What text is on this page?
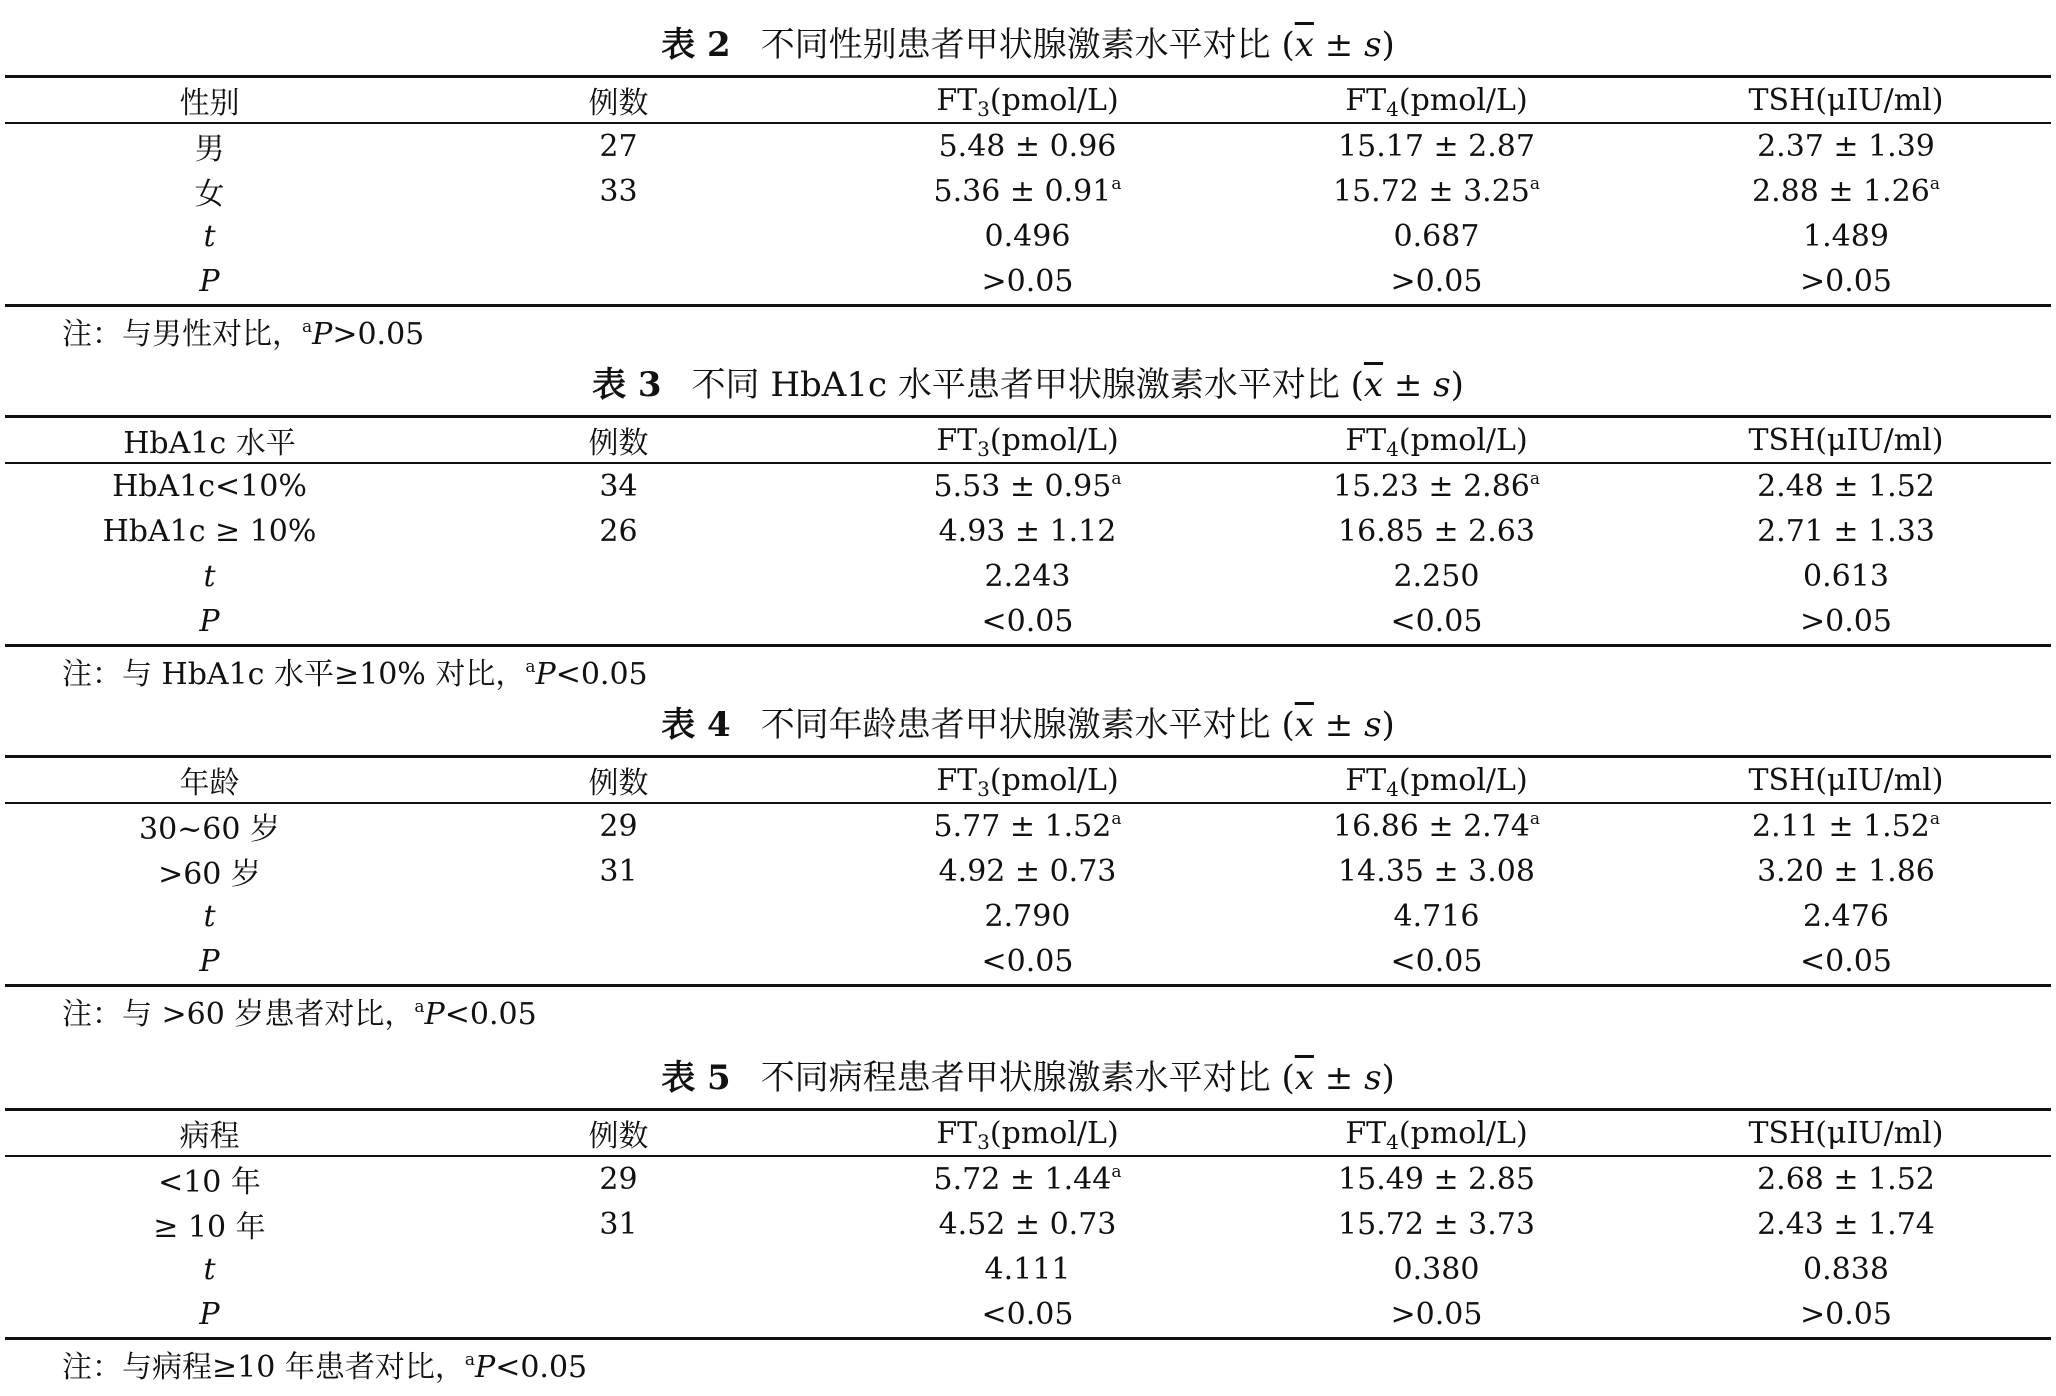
表 2 不同性别患者甲状腺激素水平对比 $(\overline{x} \pm s)$
性别	例数	$FT_3(pmol/L)$	$FT_4(pmol/L)$	TSH(μIU/ml)
男	27	5.48 ± 0.96	15.17 ± 2.87	2.37 ± 1.39
女	33	5.36 ± 0.91$^a$	15.72 ± 3.25$^a$	2.88 ± 1.26$^a$
t		0.496	0.687	1.489
P		>0.05	>0.05	>0.05
注：与男性对比，$^a$P>0.05
表 3 不同 HbA1c 水平患者甲状腺激素水平对比 $(\overline{x} \pm s)$
HbA1c 水平	例数	$FT_3(pmol/L)$	$FT_4(pmol/L)$	TSH(μIU/ml)
HbA1c<10%	34	5.53 ± 0.95$^a$	15.23 ± 2.86$^a$	2.48 ± 1.52
HbA1c ≥ 10%	26	4.93 ± 1.12	16.85 ± 2.63	2.71 ± 1.33
t		2.243	2.250	0.613
P		<0.05	<0.05	>0.05
注：与 HbA1c 水平≥10% 对比，$^a$P<0.05
表 4 不同年龄患者甲状腺激素水平对比 $(\overline{x} \pm s)$
年龄	例数	$FT_3(pmol/L)$	$FT_4(pmol/L)$	TSH(μIU/ml)
30~60 岁	29	5.77 ± 1.52$^a$	16.86 ± 2.74$^a$	2.11 ± 1.52$^a$
>60 岁	31	4.92 ± 0.73	14.35 ± 3.08	3.20 ± 1.86
t		2.790	4.716	2.476
P		<0.05	<0.05	<0.05
注：与 >60 岁患者对比，$^a$P<0.05
表 5 不同病程患者甲状腺激素水平对比 $(\overline{x} \pm s)$
病程	例数	$FT_3(pmol/L)$	$FT_4(pmol/L)$	TSH(μIU/ml)
<10 年	29	5.72 ± 1.44$^a$	15.49 ± 2.85	2.68 ± 1.52
≥ 10 年	31	4.52 ± 0.73	15.72 ± 3.73	2.43 ± 1.74
t		4.111	0.380	0.838
P		<0.05	>0.05	>0.05
注：与病程≥10 年患者对比，$^a$P<0.05
